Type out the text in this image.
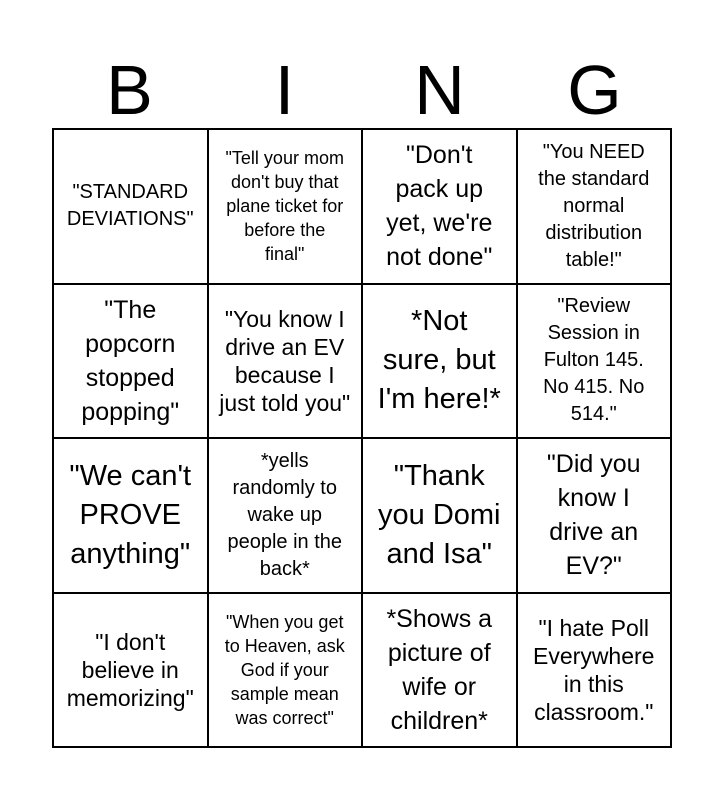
B	I	N	G
"STANDARD
DEVIATIONS"
"Tell your mom
don't buy that
plane ticket for
before the
final"
"Don't
pack up
yet, we're
not done"
"You NEED
the standard
normal
distribution
table!"
"The
popcorn
stopped
popping"
"You know I
drive an EV
because I
just told you"
*Not
sure, but
I'm here!*
"Review
Session in
Fulton 145.
No 415. No
514."
"We can't
PROVE
anything"
*yells
randomly to
wake up
people in the
back*
"Thank
you Domi
and Isa"
"Did you
know I
drive an
EV?"
"I don't
believe in
memorizing"
"When you get
to Heaven, ask
God if your
sample mean
was correct"
*Shows a
picture of
wife or
children*
"I hate Poll
Everywhere
in this
classroom."
